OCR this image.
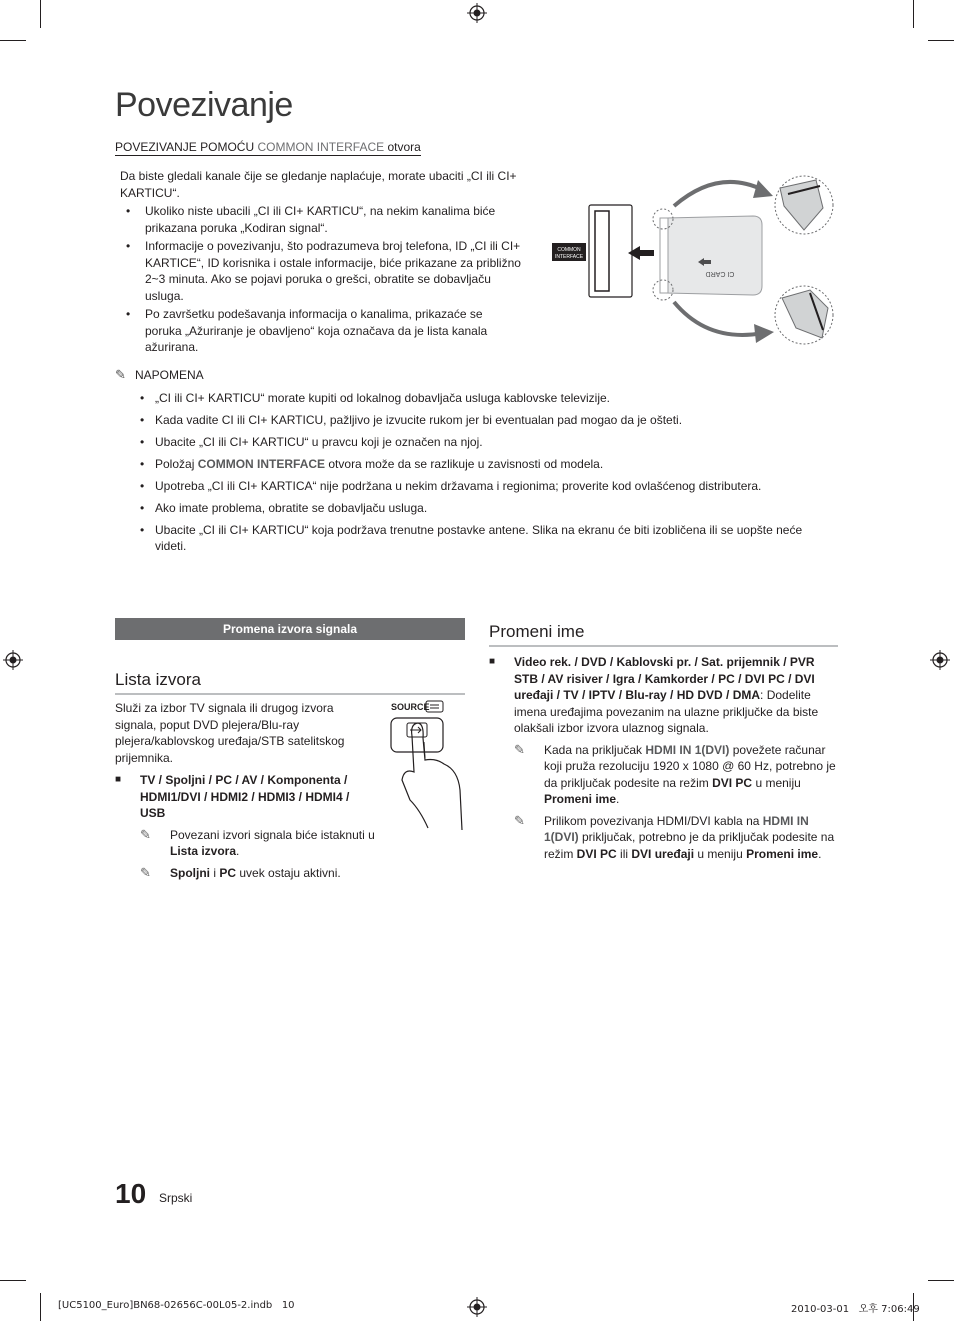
Povezivanje
POVEZIVANJE POMOĆU COMMON INTERFACE otvora
Da biste gledali kanale čije se gledanje naplaćuje, morate ubaciti „CI ili CI+ KARTICU“.
• Ukoliko niste ubacili „CI ili CI+ KARTICU“, na nekim kanalima biće prikazana poruka „Kodiran signal“.
• Informacije o povezivanju, što podrazumeva broj telefona, ID „CI ili CI+ KARTICE“, ID korisnika i ostale informacije, biće prikazane za približno 2~3 minuta. Ako se pojavi poruka o grešci, obratite se dobavljaču usluga.
• Po završetku podešavanja informacija o kanalima, prikazaće se poruka „Ažuriranje je obavljeno“ koja označava da je lista kanala ažurirana.
COMMON
INTERFACE
CI CARD
✎ NAPOMENA
• „CI ili CI+ KARTICU“ morate kupiti od lokalnog dobavljača usluga kablovske televizije.
• Kada vadite CI ili CI+ KARTICU, pažljivo je izvucite rukom jer bi eventualan pad mogao da je ošteti.
• Ubacite „CI ili CI+ KARTICU“ u pravcu koji je označen na njoj.
• Položaj COMMON INTERFACE otvora može da se razlikuje u zavisnosti od modela.
• Upotreba „CI ili CI+ KARTICA“ nije podržana u nekim državama i regionima; proverite kod ovlašćenog distributera.
• Ako imate problema, obratite se dobavljaču usluga.
• Ubacite „CI ili CI+ KARTICU“ koja podržava trenutne postavke antene. Slika na ekranu će biti izobličena ili se uopšte neće videti.
Promena izvora signala
Lista izvora
Služi za izbor TV signala ili drugog izvora signala, poput DVD plejera/Blu-ray plejera/kablovskog uređaja/STB satelitskog prijemnika.
■ TV / Spoljni / PC / AV / Komponenta / HDMI1/DVI / HDMI2 / HDMI3 / HDMI4 / USB
✎ Povezani izvori signala biće istaknuti u Lista izvora.
✎ Spoljni i PC uvek ostaju aktivni.
SOURCE
Promeni ime
■ Video rek. / DVD / Kablovski pr. / Sat. prijemnik / PVR STB / AV risiver / Igra / Kamkorder / PC / DVI PC / DVI uređaji / TV / IPTV / Blu-ray / HD DVD / DMA: Dodelite imena uređajima povezanim na ulazne priključke da biste olakšali izbor izvora ulaznog signala.
✎ Kada na priključak HDMI IN 1(DVI) povežete računar koji pruža rezoluciju 1920 x 1080 @ 60 Hz, potrebno je da priključak podesite na režim DVI PC u meniju Promeni ime.
✎ Prilikom povezivanja HDMI/DVI kabla na HDMI IN 1(DVI) priključak, potrebno je da priključak podesite na režim DVI PC ili DVI uređaji u meniju Promeni ime.
10 Srpski
[UC5100_Euro]BN68-02656C-00L05-2.indb   10	2010-03-01   오후 7:06:49
